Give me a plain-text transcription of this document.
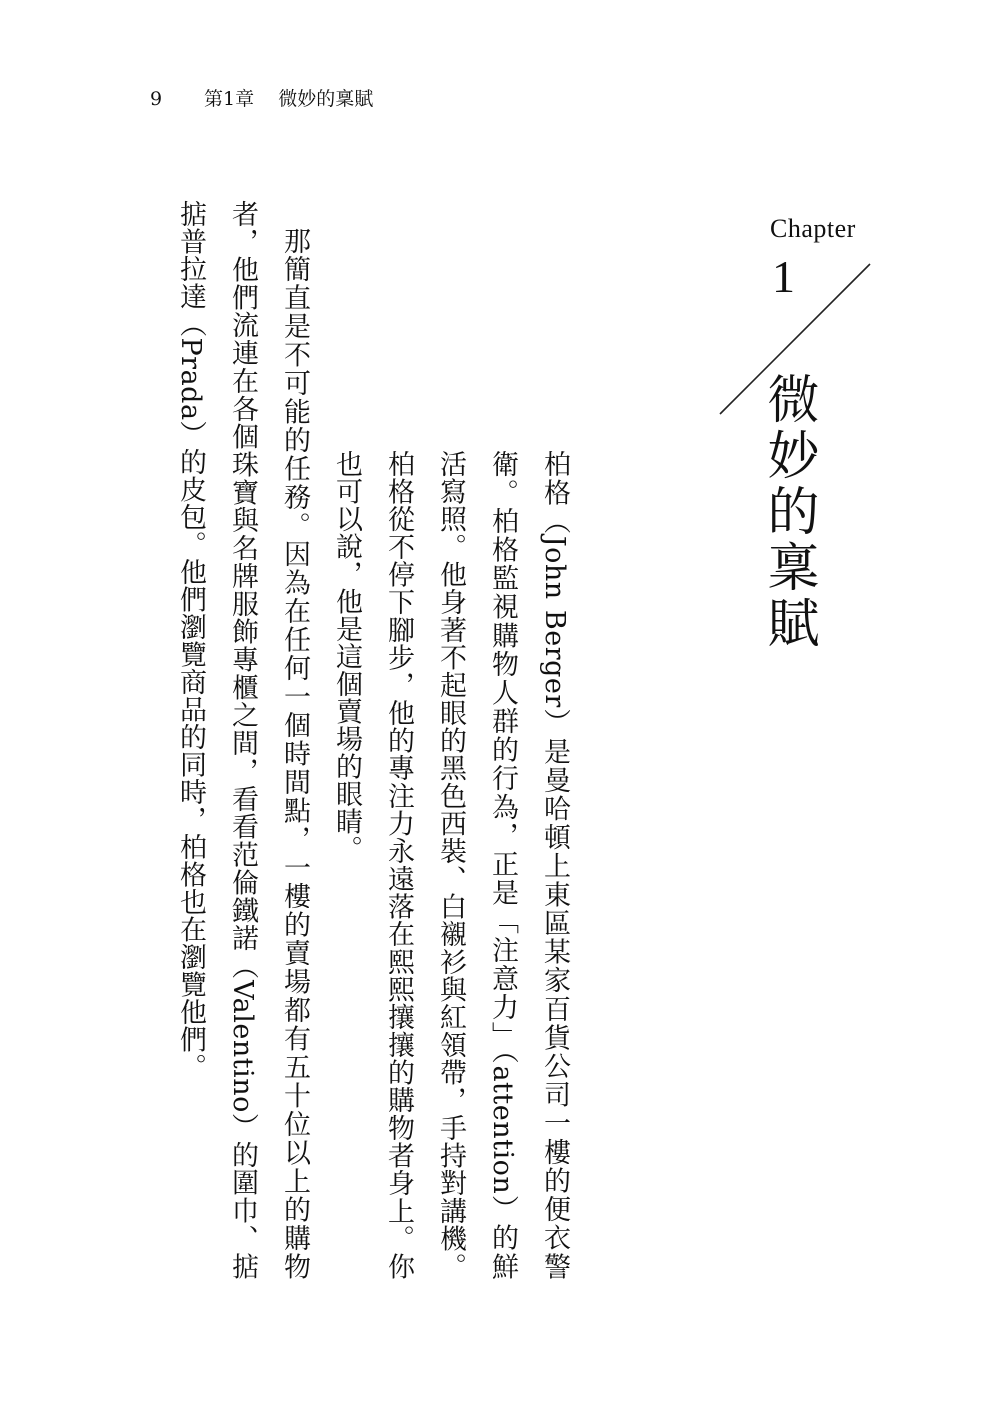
9 第1章 微妙的稟賦
Chapter
1
微妙的稟賦

柏格（John Berger）是曼哈頓上東區某家百貨公司一樓的便衣警衛。柏格監視購物人群的行為，正是「注意力」（attention）的鮮活寫照。他身著不起眼的黑色西裝、白襯衫與紅領帶，手持對講機。柏格從不停下腳步，他的專注力永遠落在熙熙攘攘的購物者身上。你也可以說，他是這個賣場的眼睛。

那簡直是不可能的任務。因為在任何一個時間點，一樓的賣場都有五十位以上的購物者，他們流連在各個珠寶與名牌服飾專櫃之間，看看范倫鐵諾（Valentino）的圍巾、掂掂普拉達（Prada）的皮包。他們瀏覽商品的同時，柏格也在瀏覽他們。
